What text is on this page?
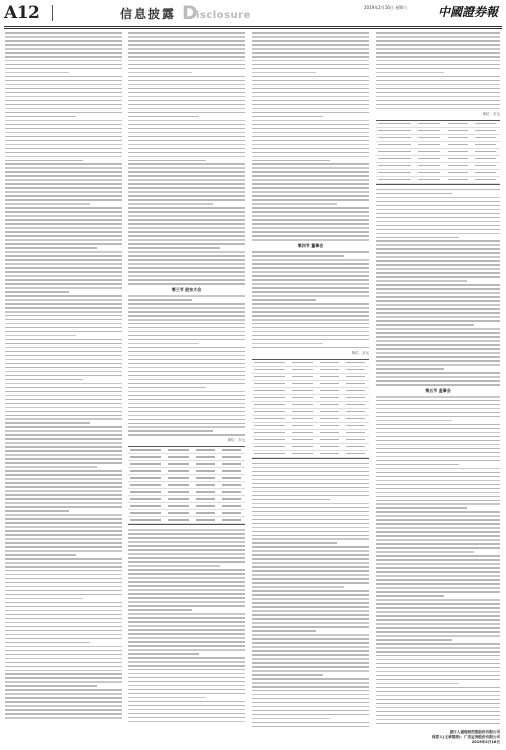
A12	信息披露 D
isclosure
2019年2月16日 星期六	中國證券報
第三节 股东大会
单位：万元
第四节 董事会
单位：万元
单位：万元
第五节 监事会
浙江人通理财控股股份有限公司
保荐人(主承销商)：广发证券股份有限公司
2019年2月16日
